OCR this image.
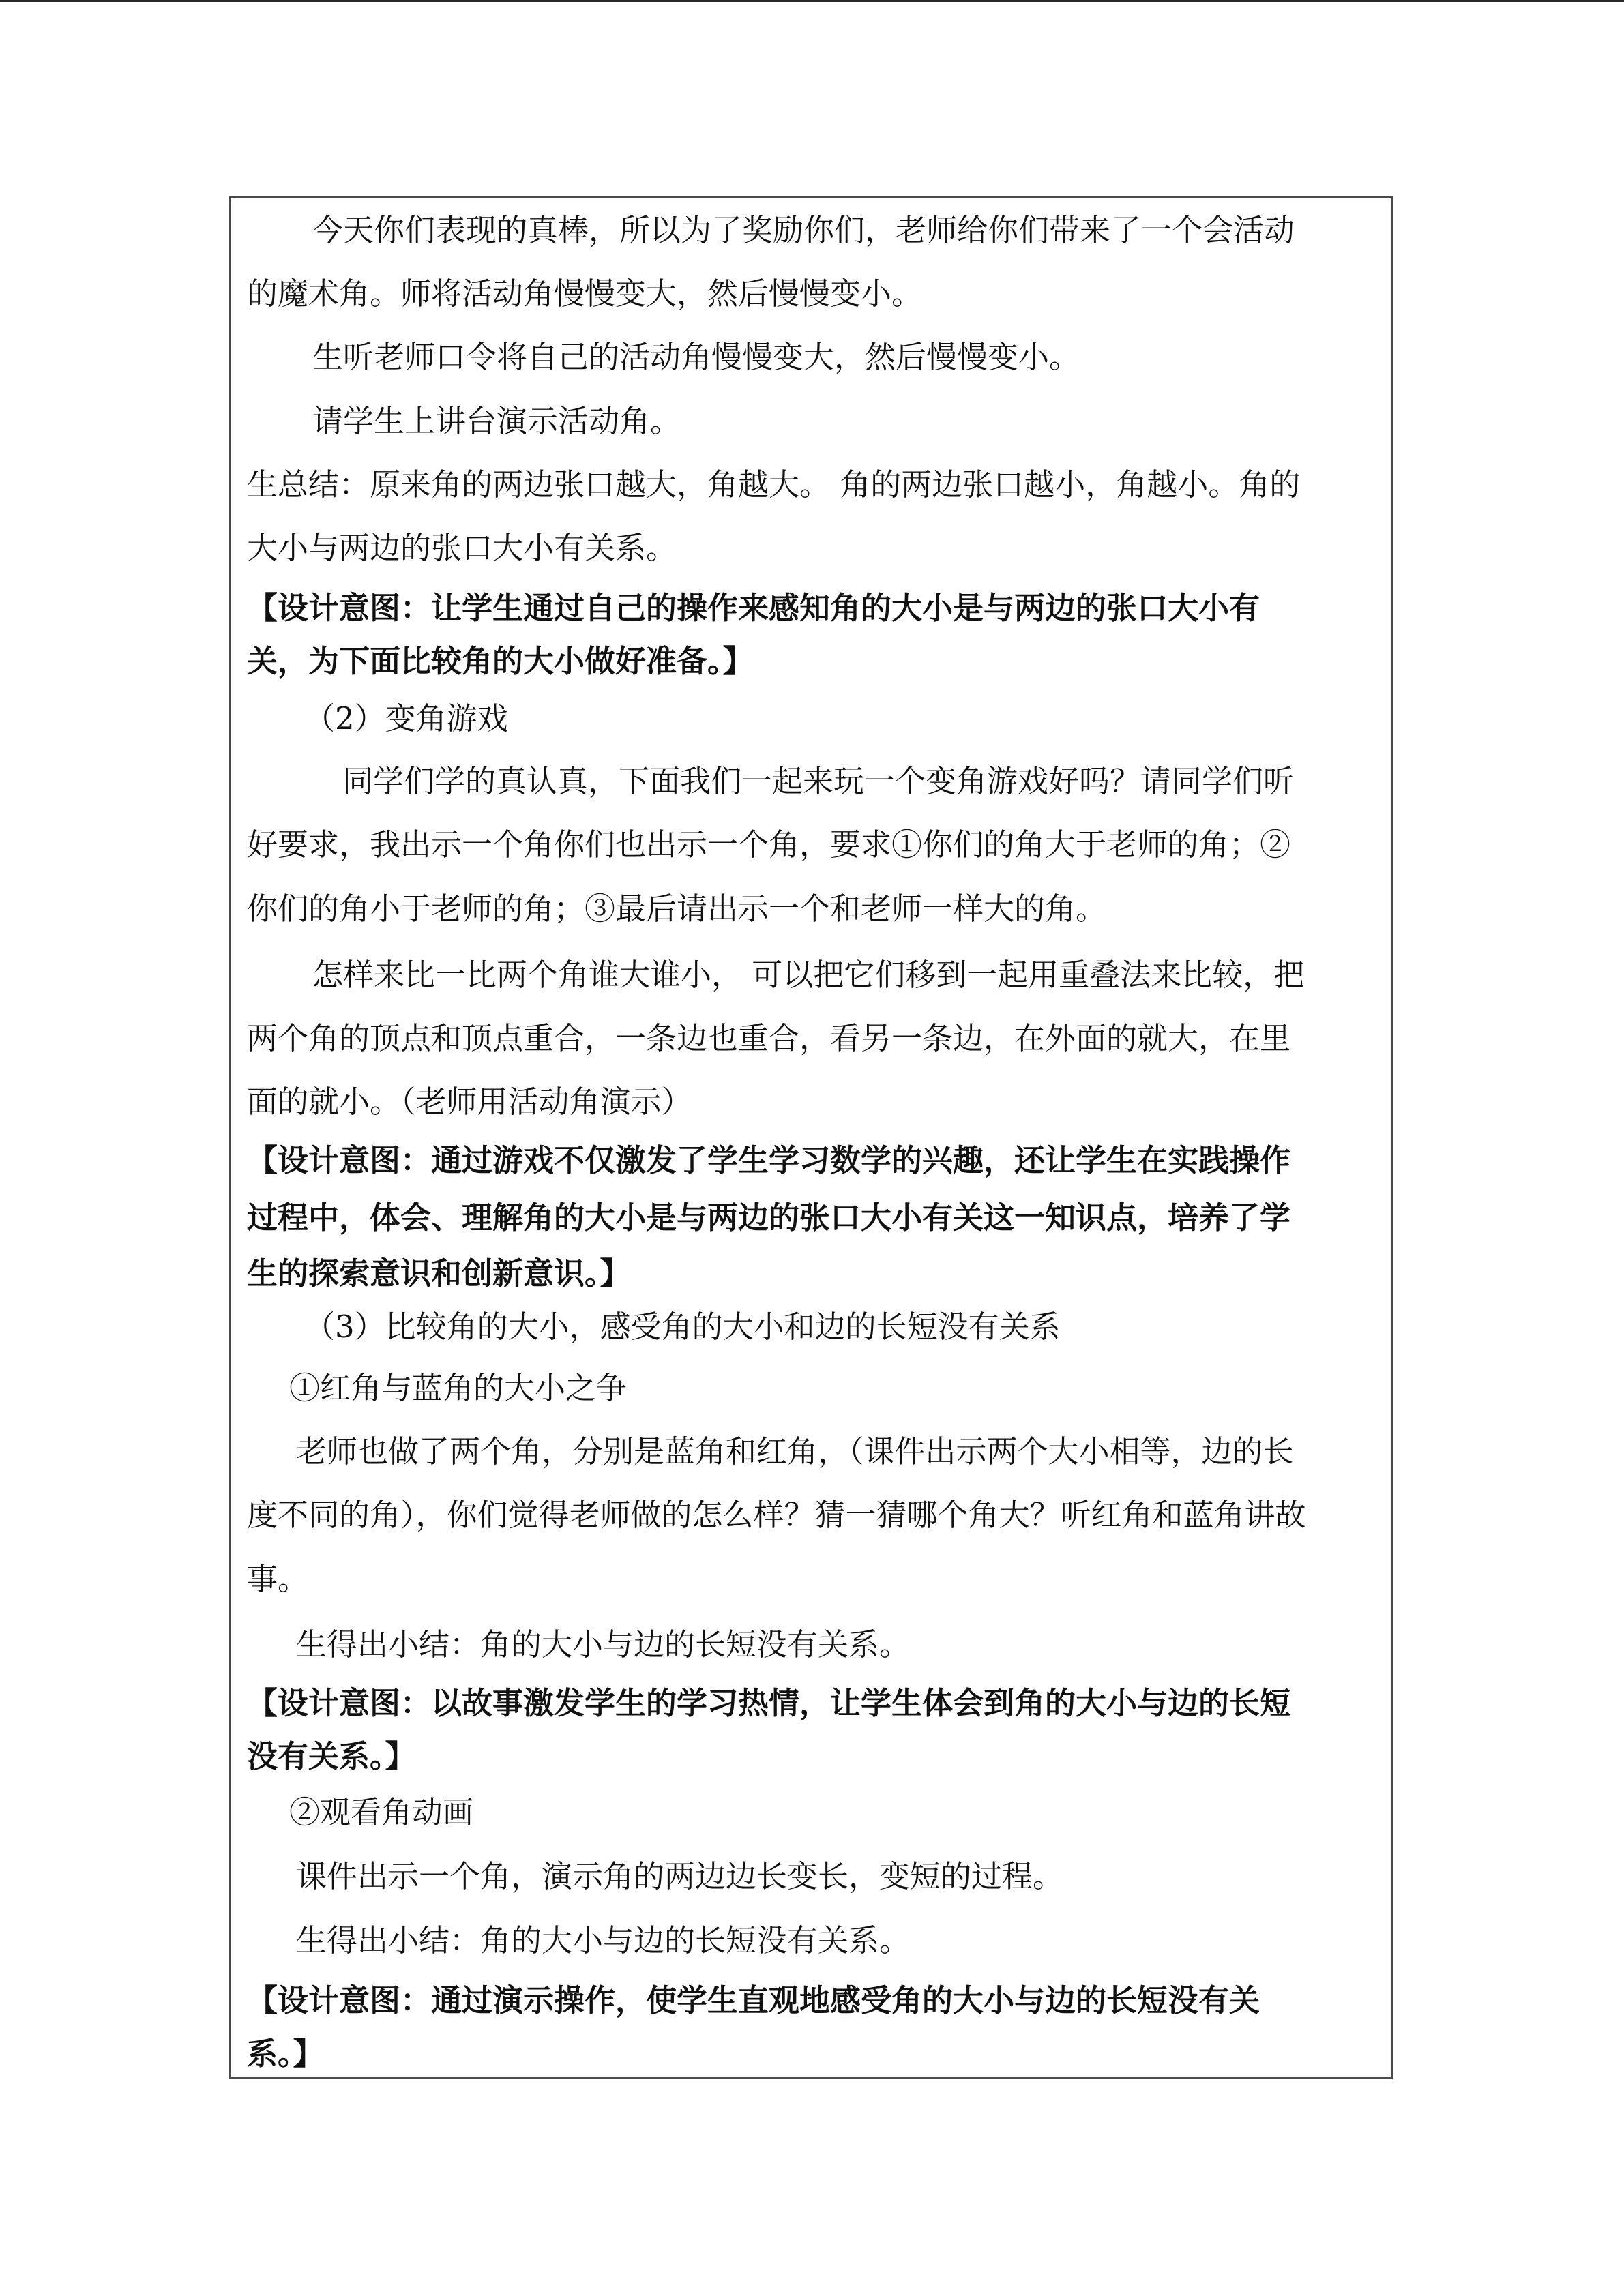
今天你们表现的真棒，所以为了奖励你们，老师给你们带来了一个会活动
的魔术角。师将活动角慢慢变大，然后慢慢变小。
生听老师口令将自己的活动角慢慢变大，然后慢慢变小。
请学生上讲台演示活动角。
生总结：原来角的两边张口越大，角越大。 角的两边张口越小，角越小。角的
大小与两边的张口大小有关系。
【设计意图：让学生通过自己的操作来感知角的大小是与两边的张口大小有
关，为下面比较角的大小做好准备。】
（2）变角游戏
同学们学的真认真，下面我们一起来玩一个变角游戏好吗？请同学们听
好要求，我出示一个角你们也出示一个角，要求①你们的角大于老师的角；②
你们的角小于老师的角；③最后请出示一个和老师一样大的角。
怎样来比一比两个角谁大谁小， 可以把它们移到一起用重叠法来比较，把
两个角的顶点和顶点重合，一条边也重合，看另一条边，在外面的就大，在里
面的就小。（老师用活动角演示）
【设计意图：通过游戏不仅激发了学生学习数学的兴趣，还让学生在实践操作
过程中，体会、理解角的大小是与两边的张口大小有关这一知识点，培养了学
生的探索意识和创新意识。】
（3）比较角的大小，感受角的大小和边的长短没有关系
①红角与蓝角的大小之争
老师也做了两个角，分别是蓝角和红角，（课件出示两个大小相等，边的长
度不同的角），你们觉得老师做的怎么样？猜一猜哪个角大？听红角和蓝角讲故
事。
生得出小结：角的大小与边的长短没有关系。
【设计意图：以故事激发学生的学习热情，让学生体会到角的大小与边的长短
没有关系。】
②观看角动画
课件出示一个角，演示角的两边边长变长，变短的过程。
生得出小结：角的大小与边的长短没有关系。
【设计意图：通过演示操作，使学生直观地感受角的大小与边的长短没有关
系。】
